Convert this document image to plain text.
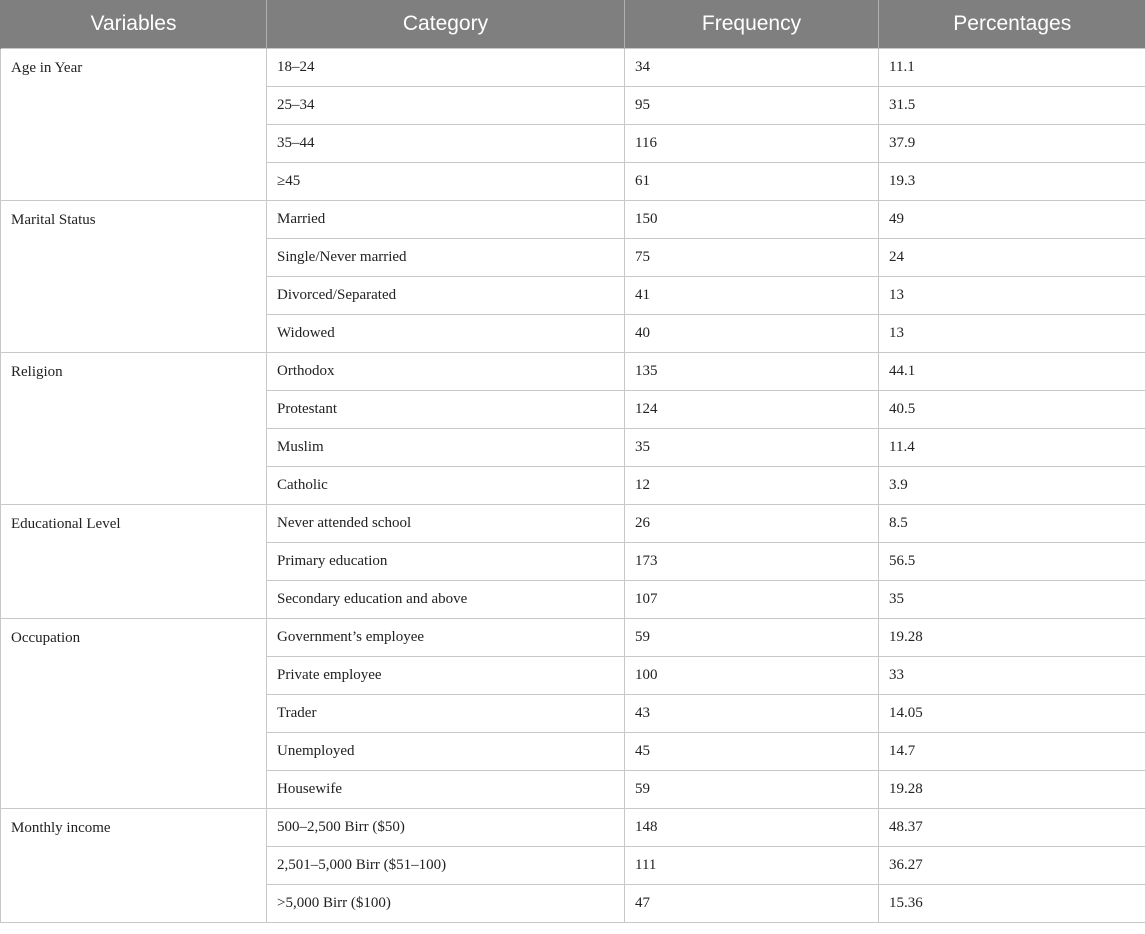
Variables	Category	Frequency	Percentages
Age in Year	18–24	34	11.1
	25–34	95	31.5
	35–44	116	37.9
	≥45	61	19.3
Marital Status	Married	150	49
	Single/Never married	75	24
	Divorced/Separated	41	13
	Widowed	40	13
Religion	Orthodox	135	44.1
	Protestant	124	40.5
	Muslim	35	11.4
	Catholic	12	3.9
Educational Level	Never attended school	26	8.5
	Primary education	173	56.5
	Secondary education and above	107	35
Occupation	Government’s employee	59	19.28
	Private employee	100	33
	Trader	43	14.05
	Unemployed	45	14.7
	Housewife	59	19.28
Monthly income	500–2,500 Birr ($50)	148	48.37
	2,501–5,000 Birr ($51–100)	111	36.27
	>5,000 Birr ($100)	47	15.36
